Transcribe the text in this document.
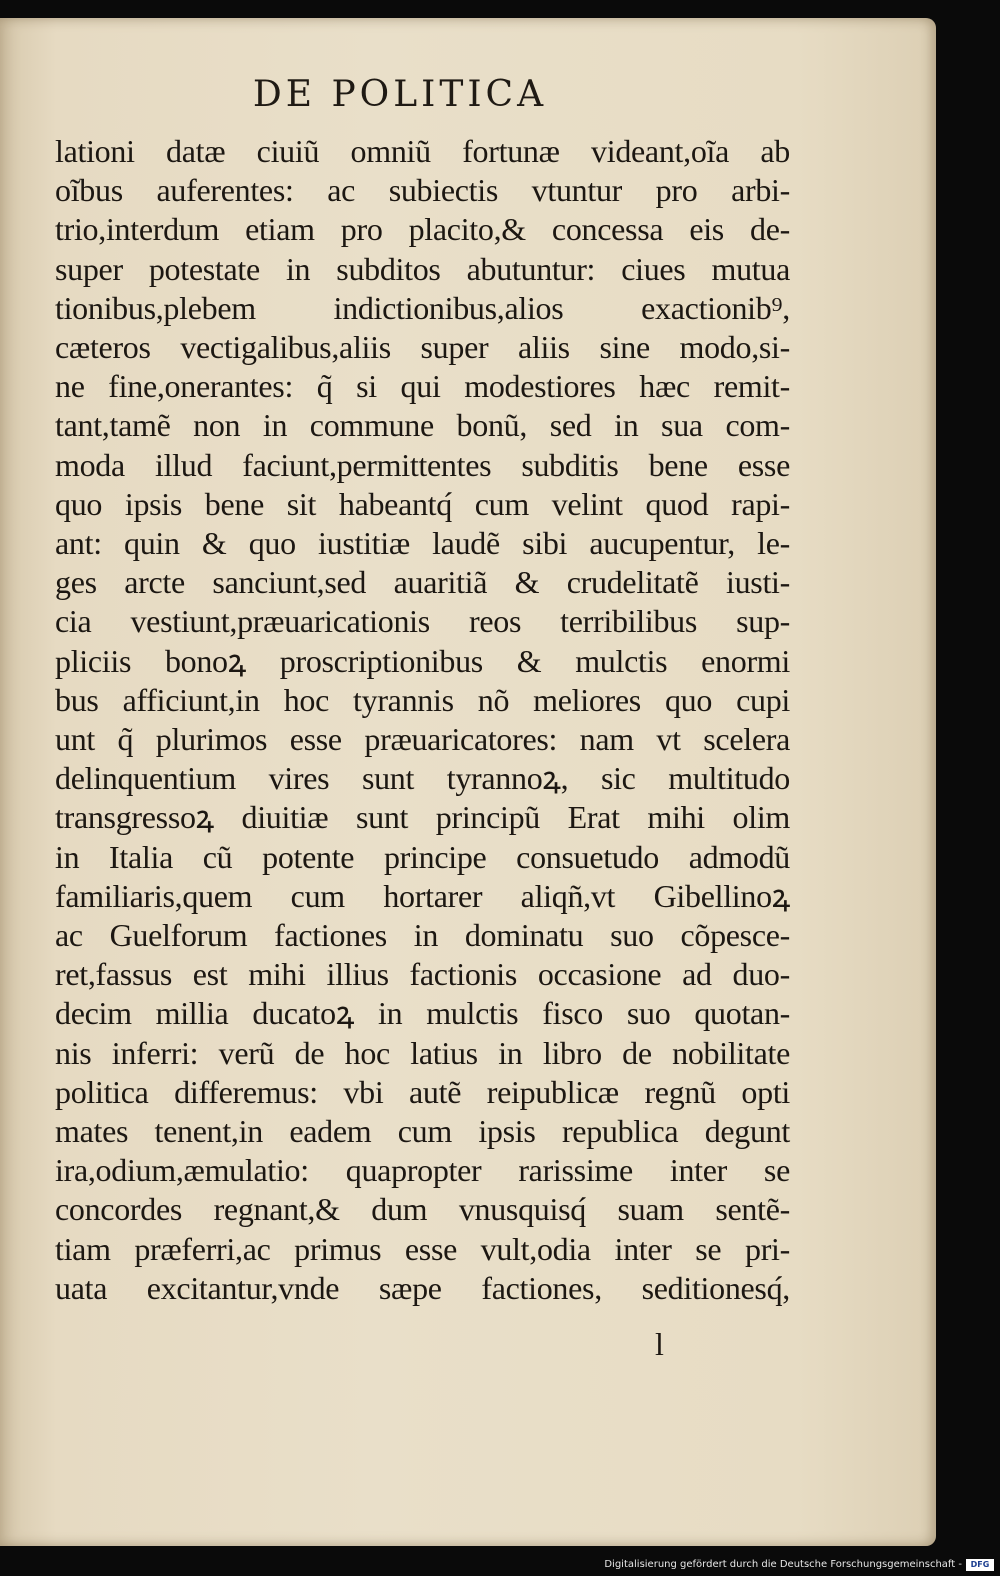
DE POLITICA
lationi datæ ciuiũ omniũ fortunæ videant,oĩa ab
oĩbus auferentes: ac subiectis vtuntur pro arbi-
trio,interdum etiam pro placito,& concessa eis de-
super potestate in subditos abutuntur: ciues mutua
tionibus,plebem indictionibus,alios exactionib⁹,
cæteros vectigalibus,aliis super aliis sine modo,si-
ne fine,onerantes: q̃ si qui modestiores hæc remit-
tant,tamẽ non in commune bonũ, sed in sua com-
moda illud faciunt,permittentes subditis bene esse
quo ipsis bene sit habeantq́ cum velint quod rapi-
ant: quin & quo iustitiæ laudẽ sibi aucupentur, le-
ges arcte sanciunt,sed auaritiã & crudelitatẽ iusti-
cia vestiunt,præuaricationis reos terribilibus sup-
pliciis bonoꝝ proscriptionibus & mulctis enormi
bus afficiunt,in hoc tyrannis nõ meliores quo cupi
unt q̃ plurimos esse præuaricatores: nam vt scelera
delinquentium vires sunt tyrannoꝝ, sic multitudo
transgressoꝝ diuitiæ sunt principũ Erat mihi olim
in Italia cũ potente principe consuetudo admodũ
familiaris,quem cum hortarer aliqñ,vt Gibellinoꝝ
ac Guelforum factiones in dominatu suo cõpesce-
ret,fassus est mihi illius factionis occasione ad duo-
decim millia ducatoꝝ in mulctis fisco suo quotan-
nis inferri: verũ de hoc latius in libro de nobilitate
politica differemus: vbi autẽ reipublicæ regnũ opti
mates tenent,in eadem cum ipsis republica degunt
ira,odium,æmulatio: quapropter rarissime inter se
concordes regnant,& dum vnusquisq́ suam sentẽ-
tiam præferri,ac primus esse vult,odia inter se pri-
uata excitantur,vnde sæpe factiones, seditionesq́,
l
Digitalisierung gefördert durch die Deutsche Forschungsgemeinschaft -	DFG
